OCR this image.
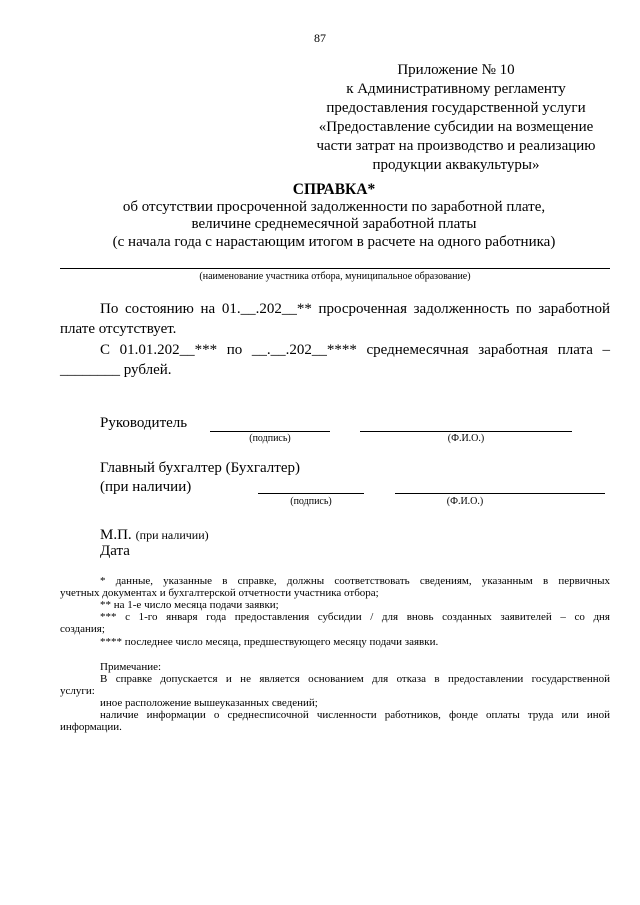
87
Приложение № 10
к Административному регламенту
предоставления государственной услуги
«Предоставление субсидии на возмещение
части затрат на производство и реализацию
продукции аквакультуры»
СПРАВКА*
об отсутствии просроченной задолженности по заработной плате,
величине среднемесячной заработной платы
(с начала года с нарастающим итогом в расчете на одного работника)
(наименование участника отбора, муниципальное образование)
По состоянию на 01.__.202__** просроченная задолженность по заработной
плате отсутствует.
С 01.01.202__*** по __.__.202__**** среднемесячная заработная плата –
________ рублей.
Руководитель
(подпись)	(Ф.И.О.)
Главный бухгалтер (Бухгалтер)
(при наличии)
(подпись)	(Ф.И.О.)
М.П. (при наличии)
Дата
* данные, указанные в справке, должны соответствовать сведениям, указанным в первичных
учетных документах и бухгалтерской отчетности участника отбора;
** на 1-е число месяца подачи заявки;
*** с 1-го января года предоставления субсидии / для вновь созданных заявителей – со дня
создания;
**** последнее число месяца, предшествующего месяцу подачи заявки.
Примечание:
В справке допускается и не является основанием для отказа в предоставлении государственной
услуги:
иное расположение вышеуказанных сведений;
наличие информации о среднесписочной численности работников, фонде оплаты труда или иной
информации.
